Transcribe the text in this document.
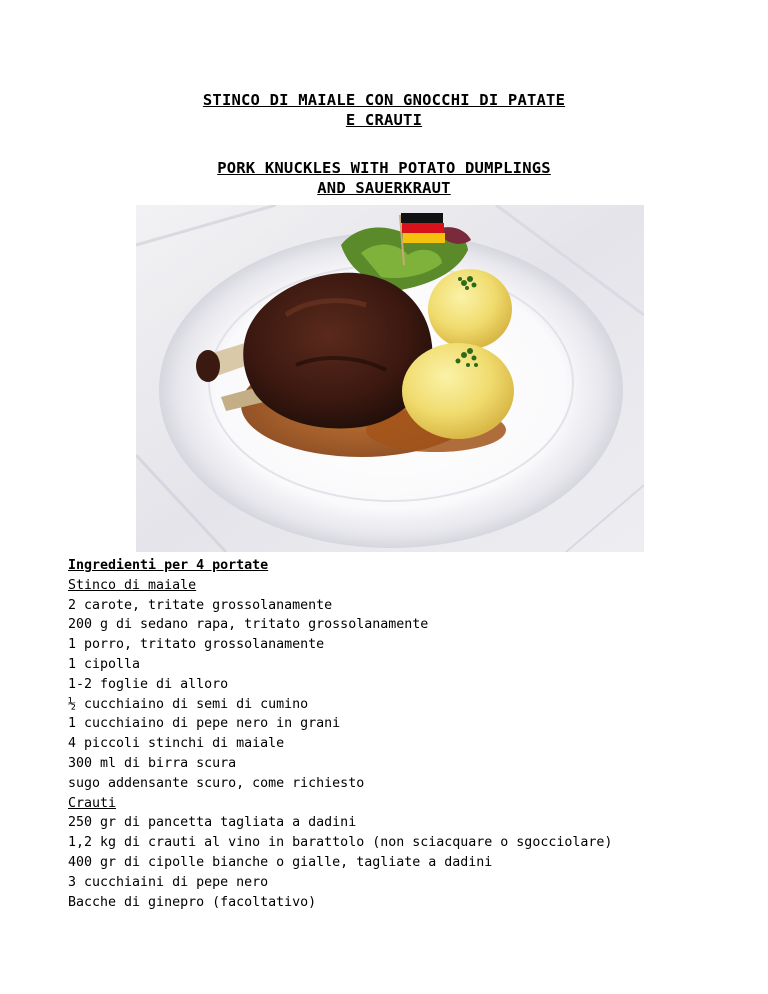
STINCO DI MAIALE CON GNOCCHI DI PATATE
E CRAUTI
PORK KNUCKLES WITH POTATO DUMPLINGS
AND SAUERKRAUT
Ingredienti per 4 portate
Stinco di maiale
2 carote, tritate grossolanamente
200 g di sedano rapa, tritato grossolanamente
1 porro, tritato grossolanamente
1 cipolla
1-2 foglie di alloro
½ cucchiaino di semi di cumino
1 cucchiaino di pepe nero in grani
4 piccoli stinchi di maiale
300 ml di birra scura
sugo addensante scuro, come richiesto
Crauti
250 gr di pancetta tagliata a dadini
1,2 kg di crauti al vino in barattolo (non sciacquare o sgocciolare)
400 gr di cipolle bianche o gialle, tagliate a dadini
3 cucchiaini di pepe nero
Bacche di ginepro (facoltativo)
